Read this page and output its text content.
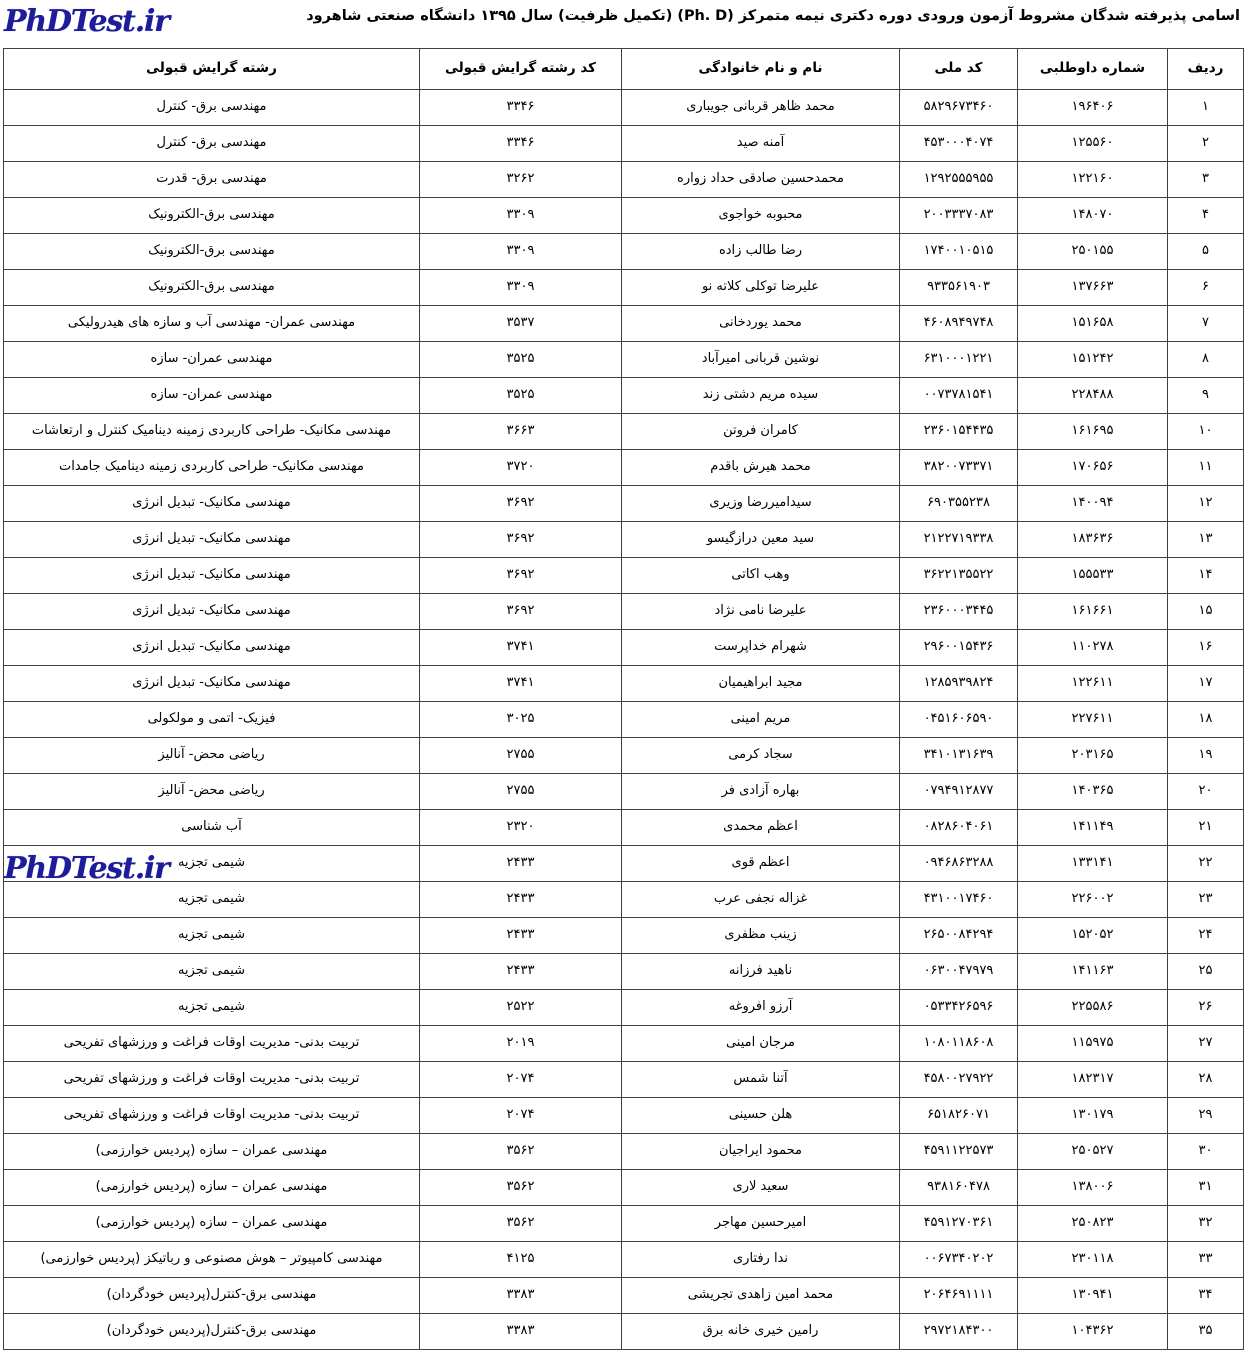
اسامی پذیرفته شدگان مشروط آزمون ورودی دوره دکتری نیمه متمرکز (Ph. D) (تکمیل ظرفیت) سال ۱۳۹۵ دانشگاه صنعتی شاهرود
PhDTest.ir
PhDTest.ir
ردیف	شماره داوطلبی	کد ملی	نام و نام خانوادگی	کد رشته گرایش قبولی	رشته گرایش قبولی
۱	۱۹۶۴۰۶	۵۸۲۹۶۷۳۴۶۰	محمد ظاهر قربانی جویباری	۳۳۴۶	مهندسی برق- کنترل
۲	۱۲۵۵۶۰	۴۵۳۰۰۰۴۰۷۴	آمنه صید	۳۳۴۶	مهندسی برق- کنترل
۳	۱۲۲۱۶۰	۱۲۹۲۵۵۵۹۵۵	محمدحسین صادقی حداد زواره	۳۲۶۲	مهندسی برق- قدرت
۴	۱۴۸۰۷۰	۲۰۰۳۳۳۷۰۸۳	محبوبه خواجوی	۳۳۰۹	مهندسی برق-الکترونیک
۵	۲۵۰۱۵۵	۱۷۴۰۰۱۰۵۱۵	رضا طالب زاده	۳۳۰۹	مهندسی برق-الکترونیک
۶	۱۳۷۶۶۳	۹۳۳۵۶۱۹۰۳	علیرضا توکلی کلاته نو	۳۳۰۹	مهندسی برق-الکترونیک
۷	۱۵۱۶۵۸	۴۶۰۸۹۴۹۷۴۸	محمد یوردخانی	۳۵۳۷	مهندسی عمران- مهندسی آب و سازه های هیدرولیکی
۸	۱۵۱۲۴۲	۶۳۱۰۰۰۱۲۲۱	نوشین قربانی امیرآباد	۳۵۲۵	مهندسی عمران- سازه
۹	۲۲۸۴۸۸	۰۰۷۳۷۸۱۵۴۱	سیده مریم دشتی زند	۳۵۲۵	مهندسی عمران- سازه
۱۰	۱۶۱۶۹۵	۲۳۶۰۱۵۴۴۳۵	کامران فروتن	۳۶۶۳	مهندسی مکانیک- طراحی کاربردی زمینه دینامیک کنترل و ارتعاشات
۱۱	۱۷۰۶۵۶	۳۸۲۰۰۷۳۳۷۱	محمد هیرش باقدم	۳۷۲۰	مهندسی مکانیک- طراحی کاربردی زمینه دینامیک جامدات
۱۲	۱۴۰۰۹۴	۶۹۰۳۵۵۲۳۸	سیدامیررضا وزیری	۳۶۹۲	مهندسی مکانیک- تبدیل انرژی
۱۳	۱۸۳۶۳۶	۲۱۲۲۷۱۹۳۳۸	سید معین درازگیسو	۳۶۹۲	مهندسی مکانیک- تبدیل انرژی
۱۴	۱۵۵۵۳۳	۳۶۲۲۱۳۵۵۲۲	وهب اکاتی	۳۶۹۲	مهندسی مکانیک- تبدیل انرژی
۱۵	۱۶۱۶۶۱	۲۳۶۰۰۰۳۴۴۵	علیرضا نامی نژاد	۳۶۹۲	مهندسی مکانیک- تبدیل انرژی
۱۶	۱۱۰۲۷۸	۲۹۶۰۰۱۵۴۳۶	شهرام خداپرست	۳۷۴۱	مهندسی مکانیک- تبدیل انرژی
۱۷	۱۲۲۶۱۱	۱۲۸۵۹۳۹۸۲۴	مجید ابراهیمیان	۳۷۴۱	مهندسی مکانیک- تبدیل انرژی
۱۸	۲۲۷۶۱۱	۰۴۵۱۶۰۶۵۹۰	مریم امینی	۳۰۲۵	فیزیک- اتمی و مولکولی
۱۹	۲۰۳۱۶۵	۳۴۱۰۱۳۱۶۳۹	سجاد کرمی	۲۷۵۵	ریاضی محض- آنالیز
۲۰	۱۴۰۳۶۵	۰۷۹۴۹۱۲۸۷۷	بهاره آزادی فر	۲۷۵۵	ریاضی محض- آنالیز
۲۱	۱۴۱۱۴۹	۰۸۲۸۶۰۴۰۶۱	اعظم محمدی	۲۳۲۰	آب شناسی
۲۲	۱۳۳۱۴۱	۰۹۴۶۸۶۳۲۸۸	اعظم قوی	۲۴۳۳	شیمی تجزیه
۲۳	۲۲۶۰۰۲	۴۳۱۰۰۱۷۴۶۰	غزاله نجفی عرب	۲۴۳۳	شیمی تجزیه
۲۴	۱۵۲۰۵۲	۲۶۵۰۰۸۴۲۹۴	زینب مظفری	۲۴۳۳	شیمی تجزیه
۲۵	۱۴۱۱۶۳	۰۶۳۰۰۴۷۹۷۹	ناهید فرزانه	۲۴۳۳	شیمی تجزیه
۲۶	۲۲۵۵۸۶	۰۵۳۳۴۲۶۵۹۶	آرزو افروغه	۲۵۲۲	شیمی تجزیه
۲۷	۱۱۵۹۷۵	۱۰۸۰۱۱۸۶۰۸	مرجان امینی	۲۰۱۹	تربیت بدنی- مدیریت اوقات فراغت و ورزشهای تفریحی
۲۸	۱۸۲۳۱۷	۴۵۸۰۰۲۷۹۲۲	آتنا شمس	۲۰۷۴	تربیت بدنی- مدیریت اوقات فراغت و ورزشهای تفریحی
۲۹	۱۳۰۱۷۹	۶۵۱۸۲۶۰۷۱	هلن حسینی	۲۰۷۴	تربیت بدنی- مدیریت اوقات فراغت و ورزشهای تفریحی
۳۰	۲۵۰۵۲۷	۴۵۹۱۱۲۲۵۷۳	محمود ایراجیان	۳۵۶۲	مهندسی عمران – سازه (پردیس خوارزمی)
۳۱	۱۳۸۰۰۶	۹۳۸۱۶۰۴۷۸	سعید لاری	۳۵۶۲	مهندسی عمران – سازه (پردیس خوارزمی)
۳۲	۲۵۰۸۲۳	۴۵۹۱۲۷۰۳۶۱	امیرحسین مهاجر	۳۵۶۲	مهندسی عمران – سازه (پردیس خوارزمی)
۳۳	۲۳۰۱۱۸	۰۰۶۷۳۴۰۲۰۲	ندا رفتاری	۴۱۲۵	مهندسی کامپیوتر – هوش مصنوعی و رباتیکز (پردیس خوارزمی)
۳۴	۱۳۰۹۴۱	۲۰۶۴۶۹۱۱۱۱	محمد امین زاهدی تجریشی	۳۳۸۳	مهندسی برق-کنترل(پردیس خودگردان)
۳۵	۱۰۴۳۶۲	۲۹۷۲۱۸۴۳۰۰	رامین خیری خانه برق	۳۳۸۳	مهندسی برق-کنترل(پردیس خودگردان)
